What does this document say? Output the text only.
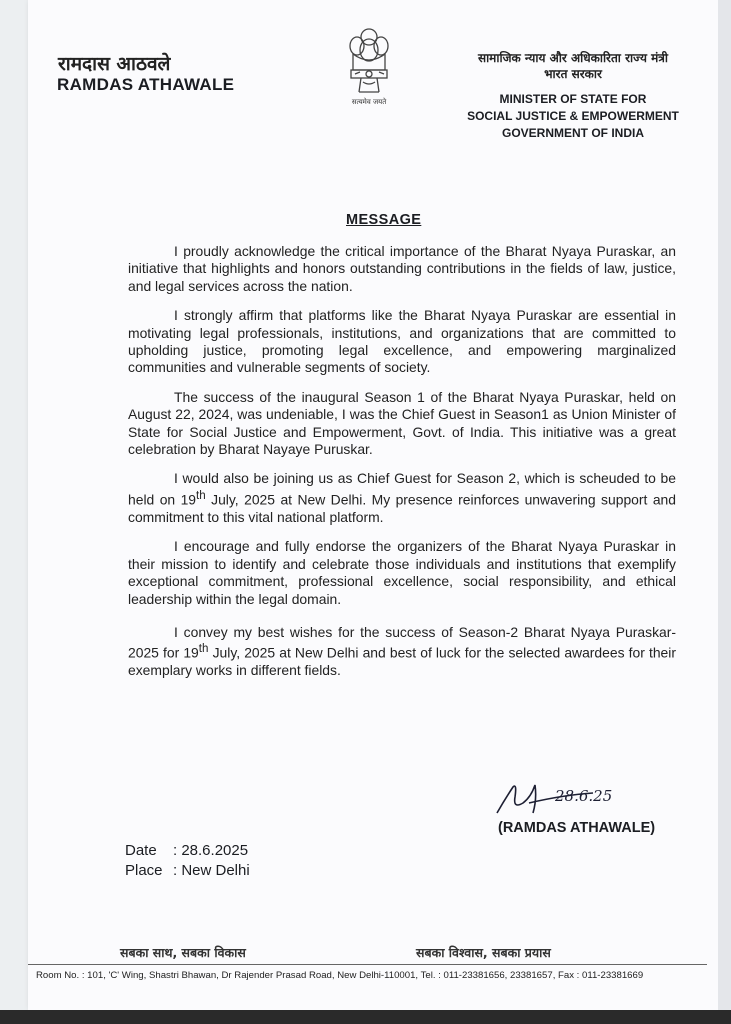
रामदास आठवले
RAMDAS ATHAWALE
सत्यमेव जयते
सामाजिक न्याय और अधिकारिता राज्य मंत्री
भारत सरकार
MINISTER OF STATE FOR
SOCIAL JUSTICE & EMPOWERMENT
GOVERNMENT OF INDIA
MESSAGE

I proudly acknowledge the critical importance of the Bharat Nyaya Puraskar, an initiative that highlights and honors outstanding contributions in the fields of law, justice, and legal services across the nation.

I strongly affirm that platforms like the Bharat Nyaya Puraskar are essential in motivating legal professionals, institutions, and organizations that are committed to upholding justice, promoting legal excellence, and empowering marginalized communities and vulnerable segments of society.

The success of the inaugural Season 1 of the Bharat Nyaya Puraskar, held on August 22, 2024, was undeniable, I was the Chief Guest in Season1 as Union Minister of State for Social Justice and Empowerment, Govt. of India. This initiative was a great celebration by Bharat Nayaye Puruskar.

I would also be joining us as Chief Guest for Season 2, which is scheuded to be held on 19th July, 2025 at New Delhi. My presence reinforces unwavering support and commitment to this vital national platform.

I encourage and fully endorse the organizers of the Bharat Nyaya Puraskar in their mission to identify and celebrate those individuals and institutions that exemplify exceptional commitment, professional excellence, social responsibility, and ethical leadership within the legal domain.

I convey my best wishes for the success of Season-2 Bharat Nyaya Puraskar-2025 for 19th July, 2025 at New Delhi and best of luck for the selected awardees for their exemplary works in different fields.

28.6.25
(RAMDAS ATHAWALE)
Date : 28.6.2025
Place : New Delhi
सबका साथ, सबका विकास	सबका विश्वास, सबका प्रयास
Room No. : 101, 'C' Wing, Shastri Bhawan, Dr Rajender Prasad Road, New Delhi-110001, Tel. : 011-23381656, 23381657, Fax : 011-23381669
